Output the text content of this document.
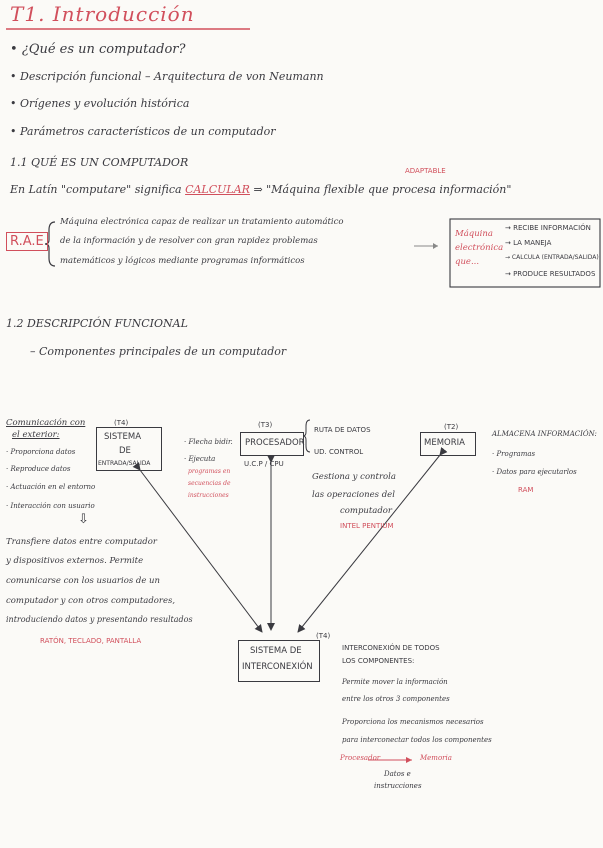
T1. Introducción
• ¿Qué es un computador?
• Descripción funcional – Arquitectura de von Neumann
• Orígenes y evolución histórica
• Parámetros característicos de un computador
1.1 QUÉ ES UN COMPUTADOR
ADAPTABLE
En Latín "computare" significa CALCULAR ⇒ "Máquina flexible que procesa información"
R.A.E
Máquina electrónica capaz de realizar un tratamiento automático
de la información y de resolver con gran rapidez problemas
matemáticos y lógicos mediante programas informáticos
Máquina
electrónica
que...
→ RECIBE INFORMACIÓN
→ LA MANEJA
→ CALCULA (ENTRADA/SALIDA)
→ PRODUCE RESULTADOS
1.2 DESCRIPCIÓN FUNCIONAL
– Componentes principales de un computador
Comunicación con
el exterior:
· Proporciona datos
· Reproduce datos
· Actuación en el entorno
· Interacción con usuario
⇩
Transfiere datos entre computador
y dispositivos externos. Permite
comunicarse con los usuarios de un
computador y con otros computadores,
introduciendo datos y presentando resultados
RATÓN, TECLADO, PANTALLA
(T4)
SISTEMA
DE
ENTRADA/SALIDA
· Flecha bidir.
· Ejecuta
programas en
secuencias de
instrucciones
(T3)
PROCESADOR
U.C.P / CPU
RUTA DE DATOS
UD. CONTROL
Gestiona y controla
las operaciones del
computador
INTEL PENTIUM
(T2)
MEMORIA
ALMACENA INFORMACIÓN:
· Programas
· Datos para ejecutarlos
RAM
(T4)
SISTEMA DE
INTERCONEXIÓN
INTERCONEXIÓN DE TODOS
LOS COMPONENTES:
Permite mover la información
entre los otros 3 componentes
Proporciona los mecanismos necesarios
para interconectar todos los componentes
Procesador	Memoria
Datos e
instrucciones
